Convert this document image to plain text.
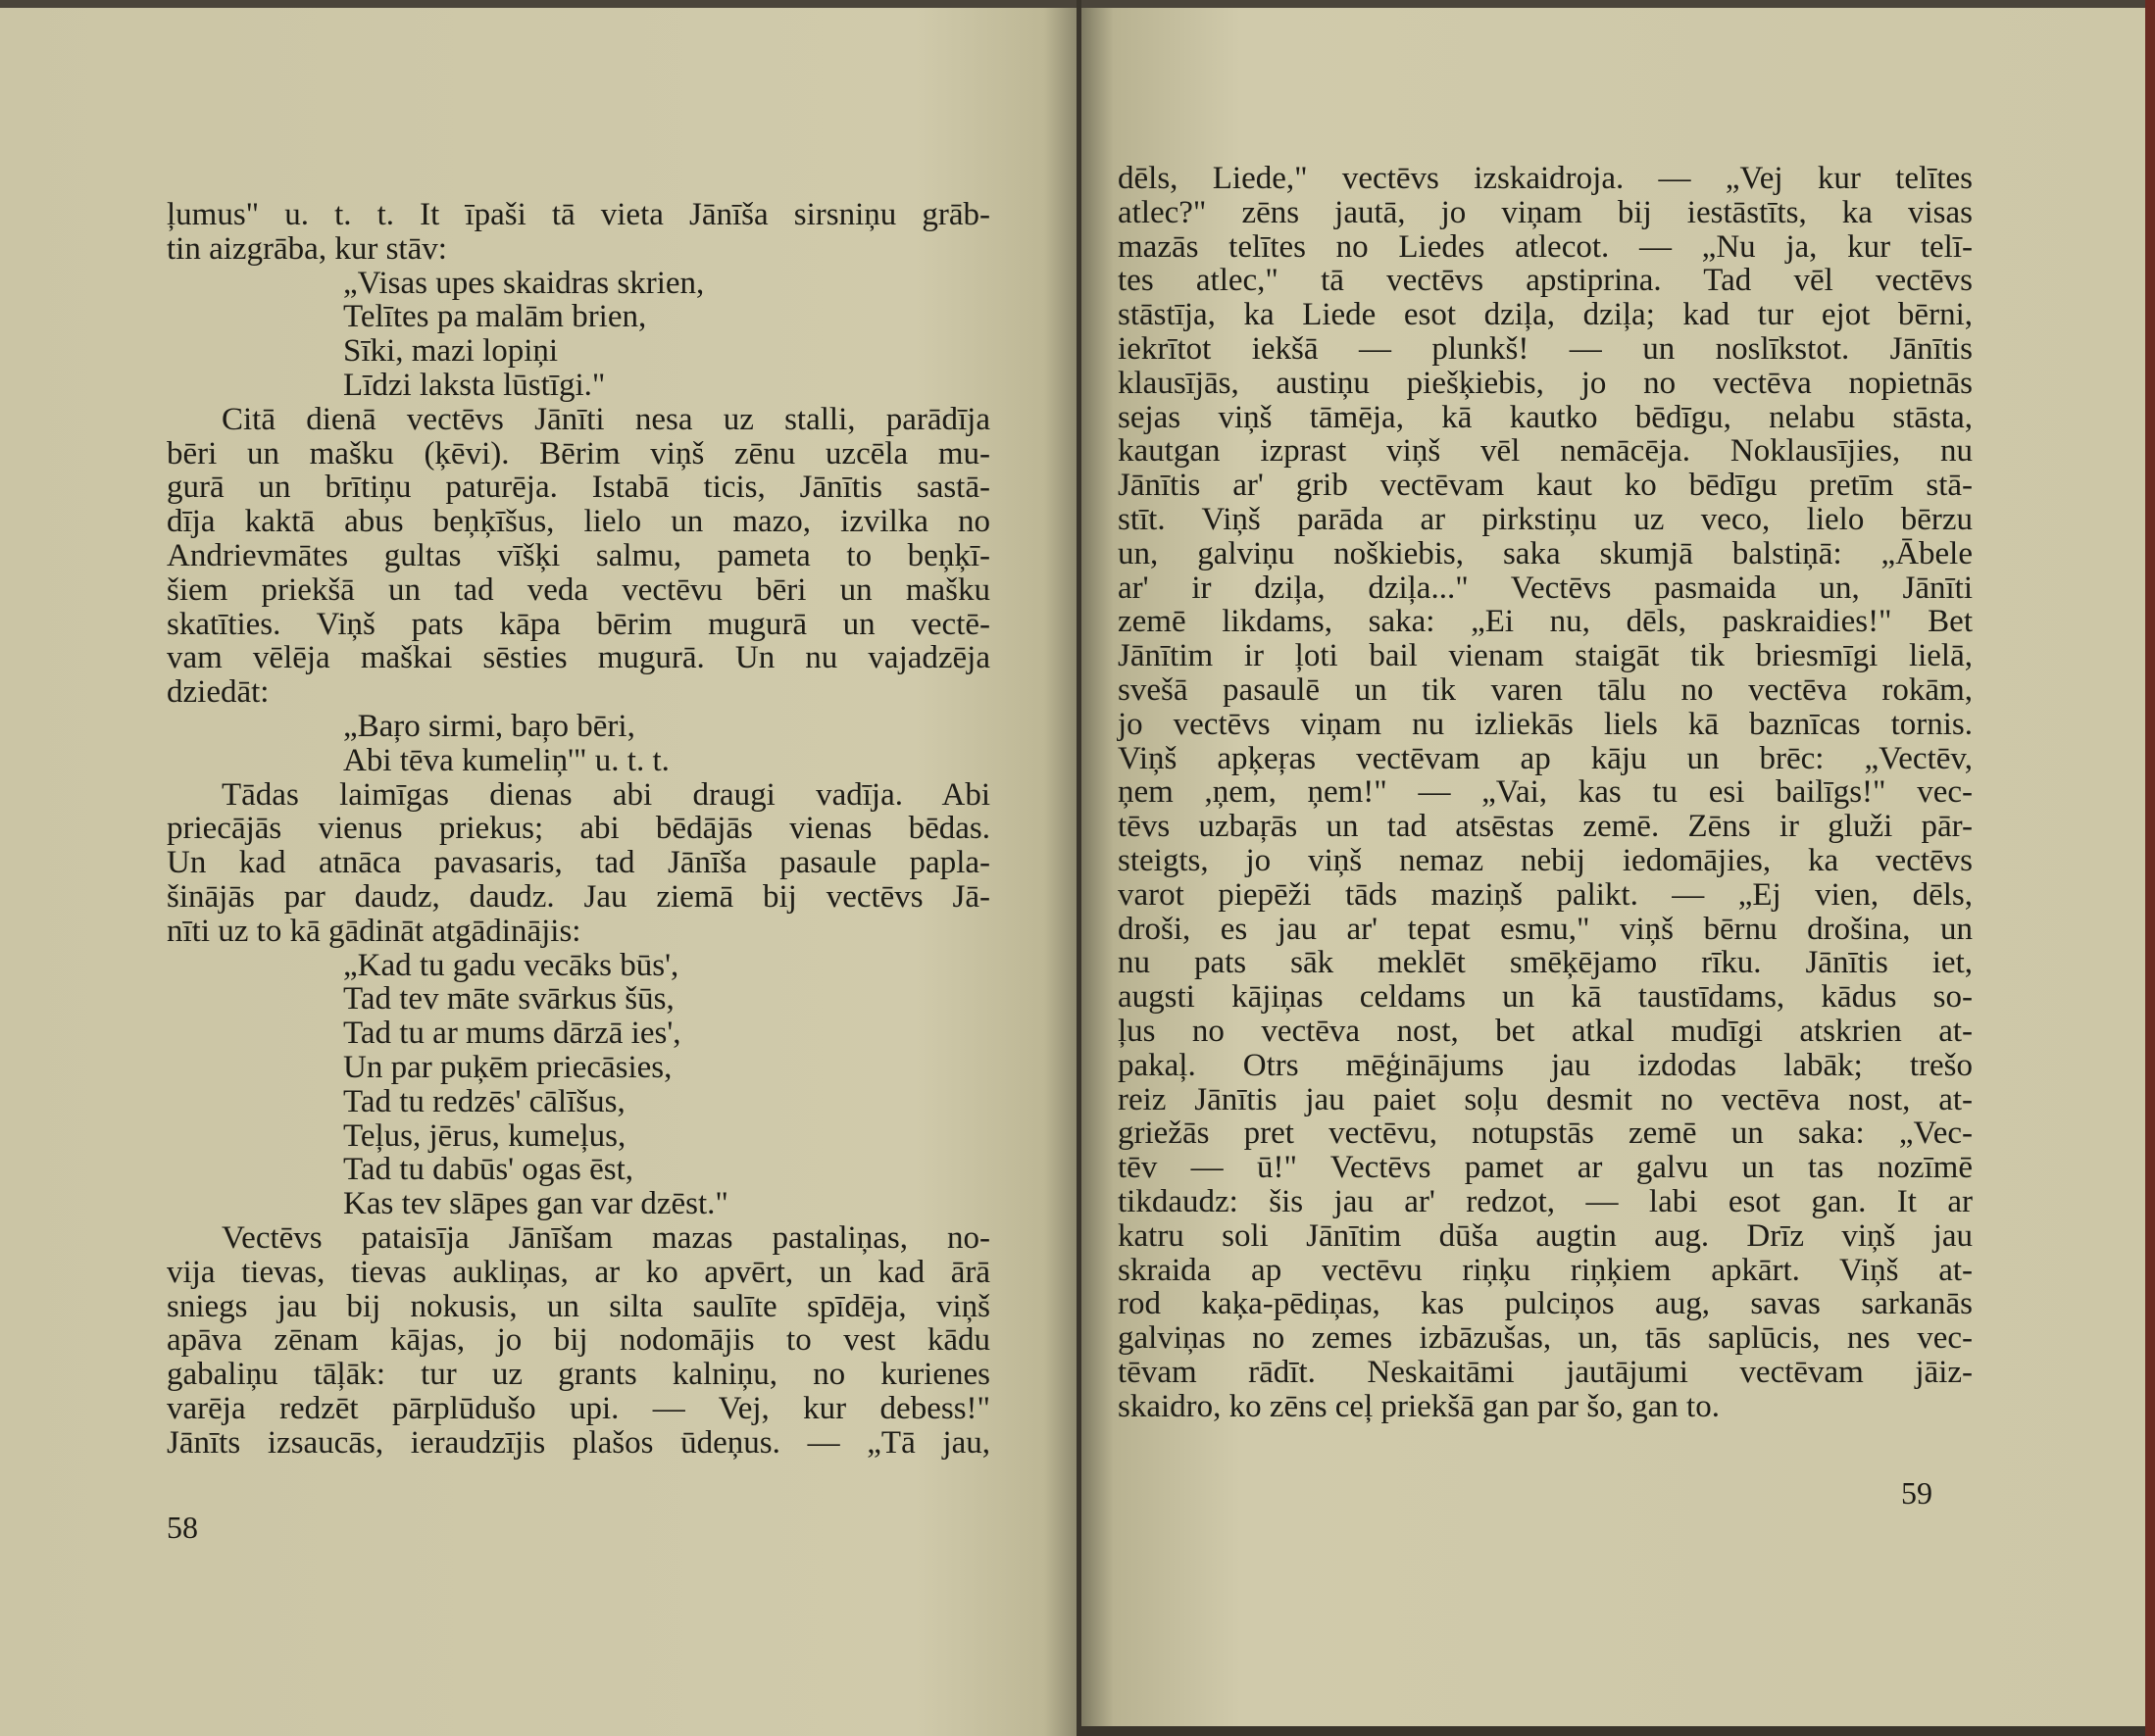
ļumus" u. t. t. It īpaši tā vieta Jānīša sirsniņu grāb-
tin aizgrāba, kur stāv:
„Visas upes skaidras skrien,
Telītes pa malām brien,
Sīki, mazi lopiņi
Līdzi laksta lūstīgi."
Citā dienā vectēvs Jānīti nesa uz stalli, parādīja
bēri un mašku (ķēvi). Bērim viņš zēnu uzcēla mu-
gurā un brītiņu paturēja. Istabā ticis, Jānītis sastā-
dīja kaktā abus beņķīšus, lielo un mazo, izvilka no
Andrievmātes gultas vīšķi salmu, pameta to beņķī-
šiem priekšā un tad veda vectēvu bēri un mašku
skatīties. Viņš pats kāpa bērim mugurā un vectē-
vam vēlēja maškai sēsties mugurā. Un nu vajadzēja
dziedāt:
„Baŗo sirmi, baŗo bēri,
Abi tēva kumeliņ'" u. t. t.
Tādas laimīgas dienas abi draugi vadīja. Abi
priecājās vienus priekus; abi bēdājās vienas bēdas.
Un kad atnāca pavasaris, tad Jānīša pasaule papla-
šinājās par daudz, daudz. Jau ziemā bij vectēvs Jā-
nīti uz to kā gādināt atgādinājis:
„Kad tu gadu vecāks būs',
Tad tev māte svārkus šūs,
Tad tu ar mums dārzā ies',
Un par puķēm priecāsies,
Tad tu redzēs' cālīšus,
Teļus, jērus, kumeļus,
Tad tu dabūs' ogas ēst,
Kas tev slāpes gan var dzēst."
Vectēvs pataisīja Jānīšam mazas pastaliņas, no-
vija tievas, tievas aukliņas, ar ko apvērt, un kad ārā
sniegs jau bij nokusis, un silta saulīte spīdēja, viņš
apāva zēnam kājas, jo bij nodomājis to vest kādu
gabaliņu tāļāk: tur uz grants kalniņu, no kurienes
varēja redzēt pārplūdušo upi. — Vej, kur debess!"
Jānīts izsaucās, ieraudzījis plašos ūdeņus. — „Tā jau,
58
dēls, Liede," vectēvs izskaidroja. — „Vej kur telītes
atlec?" zēns jautā, jo viņam bij iestāstīts, ka visas
mazās telītes no Liedes atlecot. — „Nu ja, kur telī-
tes atlec," tā vectēvs apstiprina. Tad vēl vectēvs
stāstīja, ka Liede esot dziļa, dziļa; kad tur ejot bērni,
iekrītot iekšā — plunkš! — un noslīkstot. Jānītis
klausījās, austiņu piešķiebis, jo no vectēva nopietnās
sejas viņš tāmēja, kā kautko bēdīgu, nelabu stāsta,
kautgan izprast viņš vēl nemācēja. Noklausījies, nu
Jānītis ar' grib vectēvam kaut ko bēdīgu pretīm stā-
stīt. Viņš parāda ar pirkstiņu uz veco, lielo bērzu
un, galviņu noškiebis, saka skumjā balstiņā: „Ābele
ar' ir dziļa, dziļa..." Vectēvs pasmaida un, Jānīti
zemē likdams, saka: „Ei nu, dēls, paskraidies!" Bet
Jānītim ir ļoti bail vienam staigāt tik briesmīgi lielā,
svešā pasaulē un tik varen tālu no vectēva rokām,
jo vectēvs viņam nu izliekās liels kā baznīcas tornis.
Viņš apķeŗas vectēvam ap kāju un brēc: „Vectēv,
ņem ,ņem, ņem!" — „Vai, kas tu esi bailīgs!" vec-
tēvs uzbaŗās un tad atsēstas zemē. Zēns ir gluži pār-
steigts, jo viņš nemaz nebij iedomājies, ka vectēvs
varot piepēži tāds maziņš palikt. — „Ej vien, dēls,
droši, es jau ar' tepat esmu," viņš bērnu drošina, un
nu pats sāk meklēt smēķējamo rīku. Jānītis iet,
augsti kājiņas celdams un kā taustīdams, kādus so-
ļus no vectēva nost, bet atkal mudīgi atskrien at-
pakaļ. Otrs mēģinājums jau izdodas labāk; trešo
reiz Jānītis jau paiet soļu desmit no vectēva nost, at-
griežās pret vectēvu, notupstās zemē un saka: „Vec-
tēv — ū!" Vectēvs pamet ar galvu un tas nozīmē
tikdaudz: šis jau ar' redzot, — labi esot gan. It ar
katru soli Jānītim dūša augtin aug. Drīz viņš jau
skraida ap vectēvu riņķu riņķiem apkārt. Viņš at-
rod kaķa-pēdiņas, kas pulciņos aug, savas sarkanās
galviņas no zemes izbāzušas, un, tās saplūcis, nes vec-
tēvam rādīt. Neskaitāmi jautājumi vectēvam jāiz-
skaidro, ko zēns ceļ priekšā gan par šo, gan to.
59
